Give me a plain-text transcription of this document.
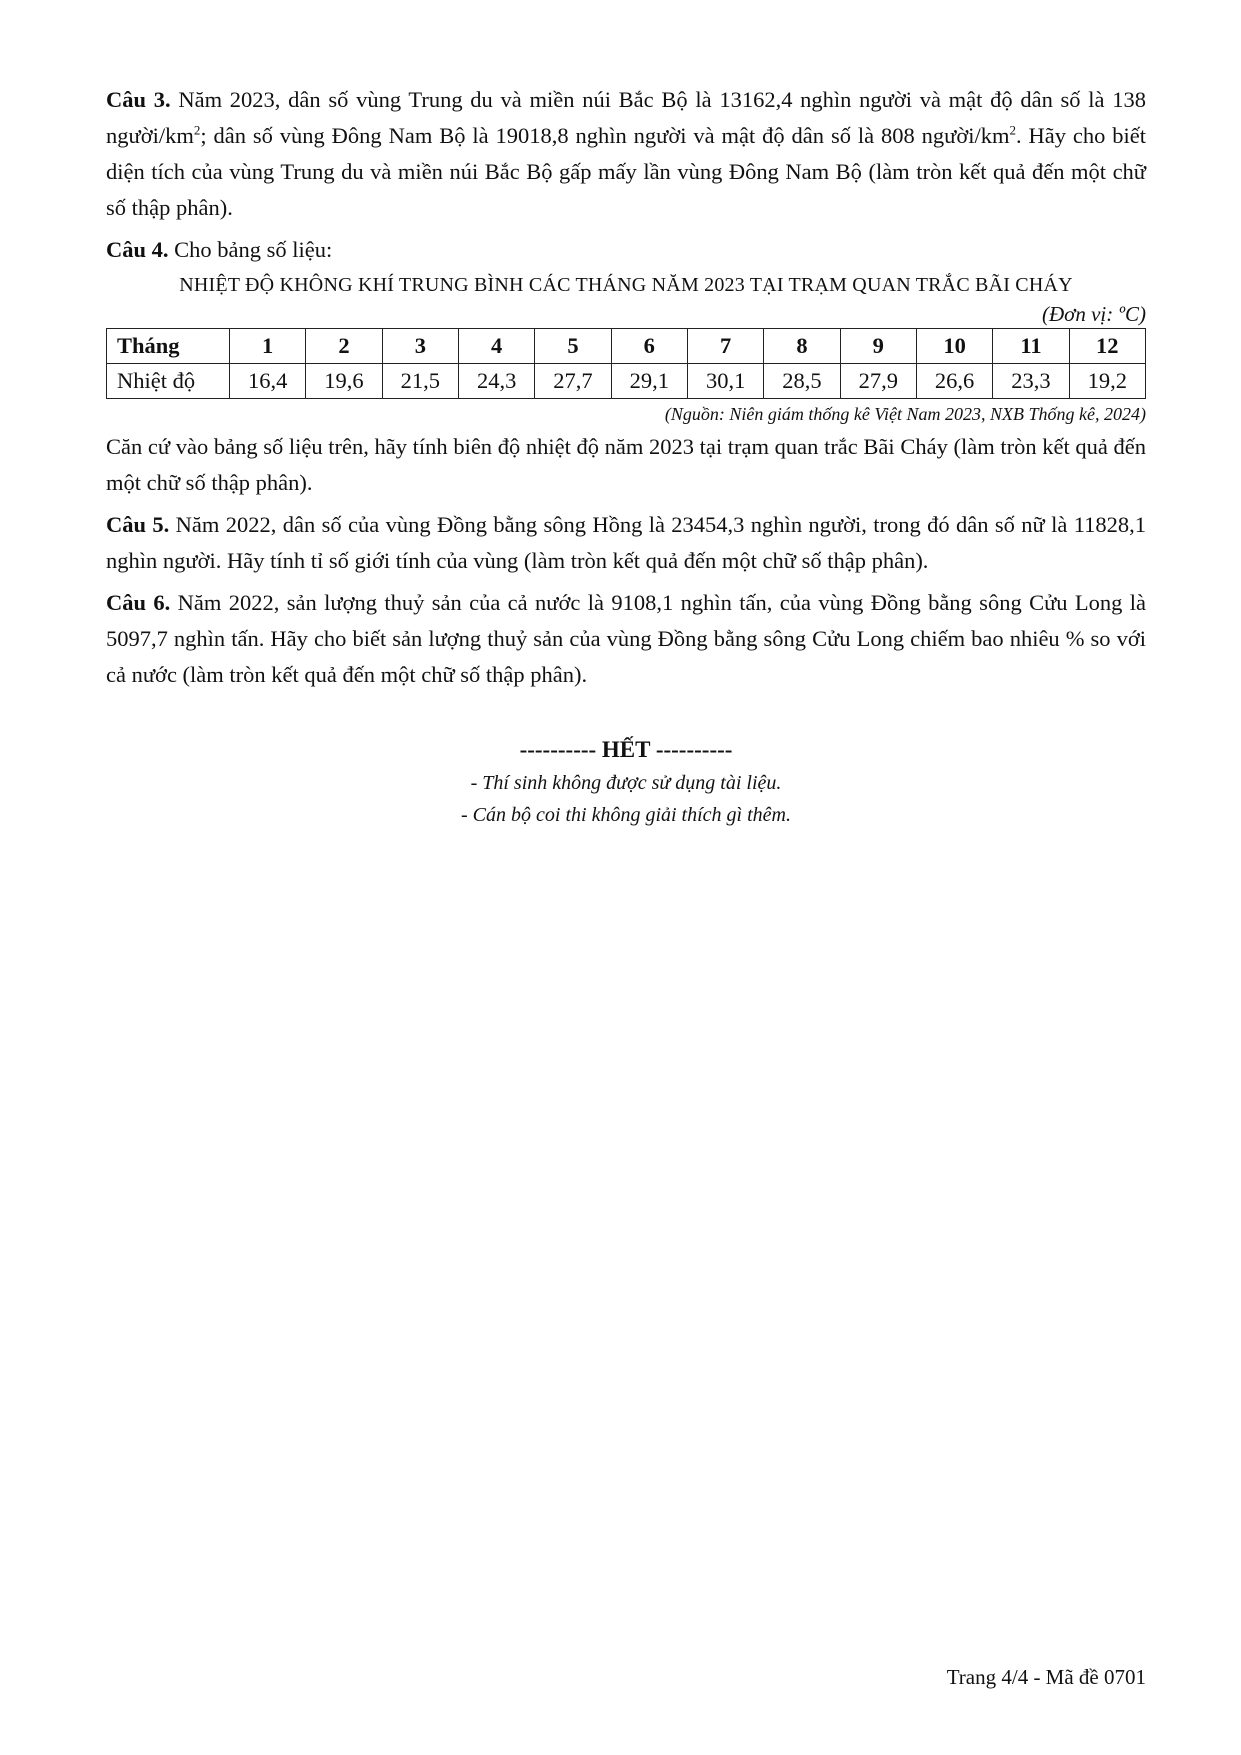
Câu 3. Năm 2023, dân số vùng Trung du và miền núi Bắc Bộ là 13162,4 nghìn người và mật độ dân số là 138 người/$km^2$; dân số vùng Đông Nam Bộ là 19018,8 nghìn người và mật độ dân số là 808 người/$km^2$. Hãy cho biết diện tích của vùng Trung du và miền núi Bắc Bộ gấp mấy lần vùng Đông Nam Bộ (làm tròn kết quả đến một chữ số thập phân).

Câu 4. Cho bảng số liệu:

NHIỆT ĐỘ KHÔNG KHÍ TRUNG BÌNH CÁC THÁNG NĂM 2023 TẠI TRẠM QUAN TRẮC BÃI CHÁY
(Đơn vị: ºC)
Tháng	1	2	3	4	5	6	7	8	9	10	11	12
Nhiệt độ	16,4	19,6	21,5	24,3	27,7	29,1	30,1	28,5	27,9	26,6	23,3	19,2
(Nguồn: Niên giám thống kê Việt Nam 2023, NXB Thống kê, 2024)

Căn cứ vào bảng số liệu trên, hãy tính biên độ nhiệt độ năm 2023 tại trạm quan trắc Bãi Cháy (làm tròn kết quả đến một chữ số thập phân).

Câu 5. Năm 2022, dân số của vùng Đồng bằng sông Hồng là 23454,3 nghìn người, trong đó dân số nữ là 11828,1 nghìn người. Hãy tính tỉ số giới tính của vùng (làm tròn kết quả đến một chữ số thập phân).

Câu 6. Năm 2022, sản lượng thuỷ sản của cả nước là 9108,1 nghìn tấn, của vùng Đồng bằng sông Cửu Long là 5097,7 nghìn tấn. Hãy cho biết sản lượng thuỷ sản của vùng Đồng bằng sông Cửu Long chiếm bao nhiêu % so với cả nước (làm tròn kết quả đến một chữ số thập phân).

---------- HẾT ----------
- Thí sinh không được sử dụng tài liệu.
- Cán bộ coi thi không giải thích gì thêm.
Trang 4/4 - Mã đề 0701
